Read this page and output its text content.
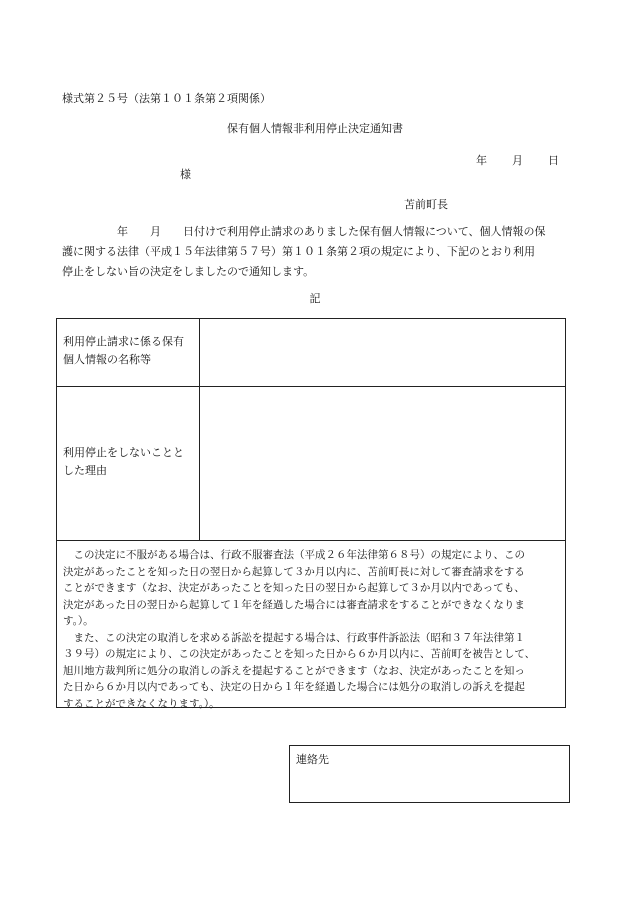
様式第２５号（法第１０１条第２項関係）
保有個人情報非利用停止決定通知書
年 月 日
様
苫前町長
　　　　　年　　月　　日付けで利用停止請求のありました保有個人情報について、個人情報の保
護に関する法律（平成１５年法律第５７号）第１０１条第２項の規定により、下記のとおり利用
停止をしない旨の決定をしましたので通知します。
記
利用停止請求に係る保有
個人情報の名称等
利用停止をしないことと
した理由
　この決定に不服がある場合は、行政不服審査法（平成２６年法律第６８号）の規定により、この
決定があったことを知った日の翌日から起算して３か月以内に、苫前町長に対して審査請求をする
ことができます（なお、決定があったことを知った日の翌日から起算して３か月以内であっても、
決定があった日の翌日から起算して１年を経過した場合には審査請求をすることができなくなりま
す。）。
　また、この決定の取消しを求める訴訟を提起する場合は、行政事件訴訟法（昭和３７年法律第１
３９号）の規定により、この決定があったことを知った日から６か月以内に、苫前町を被告として、
旭川地方裁判所に処分の取消しの訴えを提起することができます（なお、決定があったことを知っ
た日から６か月以内であっても、決定の日から１年を経過した場合には処分の取消しの訴えを提起
することができなくなります。）。
連絡先
